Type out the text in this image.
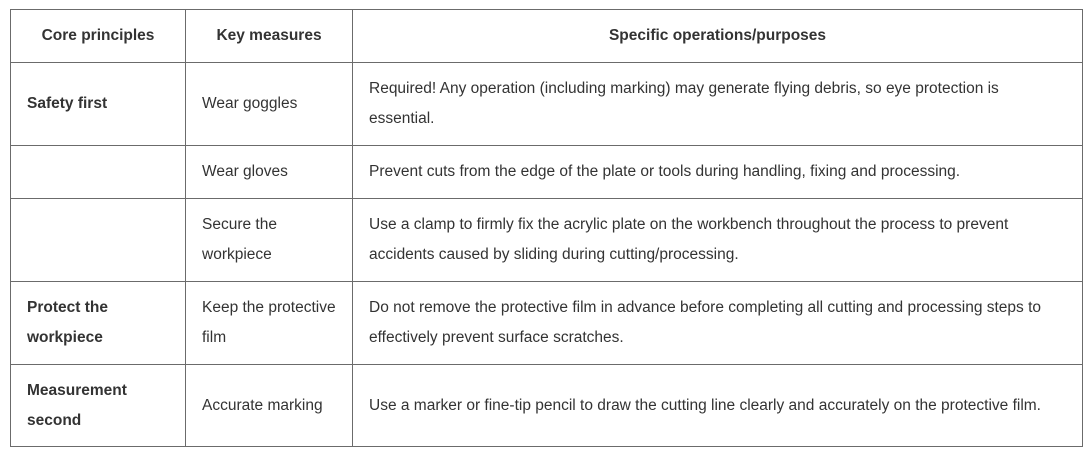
Core principles	Key measures	Specific operations/purposes
Safety first	Wear goggles	Required! Any operation (including marking) may generate flying debris, so eye protection is essential.
	Wear gloves	Prevent cuts from the edge of the plate or tools during handling, fixing and processing.
	Secure the workpiece	Use a clamp to firmly fix the acrylic plate on the workbench throughout the process to prevent accidents caused by sliding during cutting/processing.
Protect the workpiece	Keep the protective film	Do not remove the protective film in advance before completing all cutting and processing steps to effectively prevent surface scratches.
Measurement second	Accurate marking	Use a marker or fine-tip pencil to draw the cutting line clearly and accurately on the protective film.
